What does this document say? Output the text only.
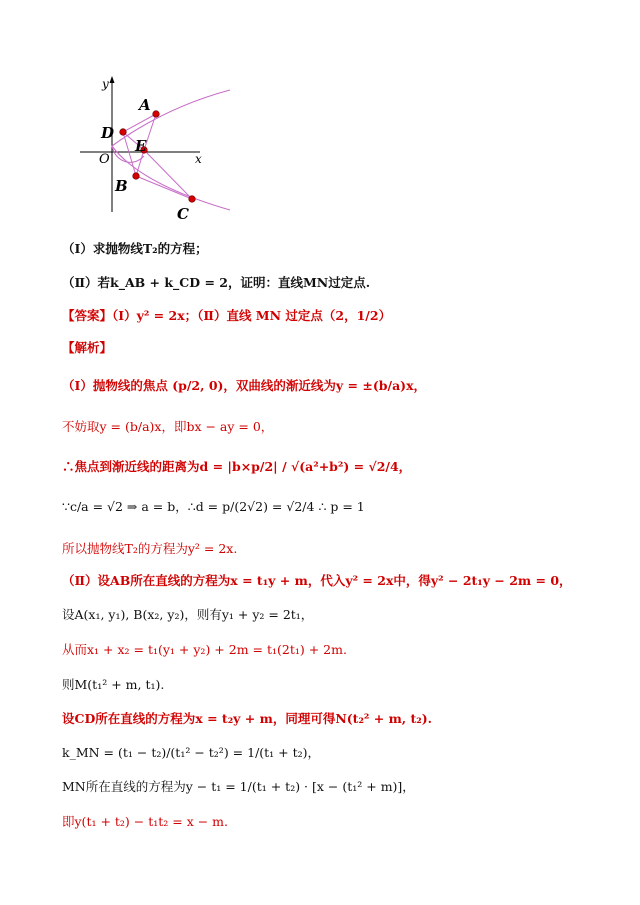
y
x
O
A
D
E
B
C
（Ⅰ）求抛物线T₂的方程；
（Ⅱ）若k_AB + k_CD = 2，证明：直线MN过定点.
【答案】（Ⅰ）y² = 2x；（Ⅱ）直线 MN 过定点（2，1/2）
【解析】
（Ⅰ）抛物线的焦点 (p/2, 0)，双曲线的渐近线为y = ±(b/a)x，
不妨取y = (b/a)x，即bx − ay = 0，
∴焦点到渐近线的距离为d = |b×p/2| / √(a²+b²) = √2/4，
∵c/a = √2 ⇒ a = b，∴d = p/(2√2) = √2/4 ∴ p = 1
所以抛物线T₂的方程为y² = 2x.
（Ⅱ）设AB所在直线的方程为x = t₁y + m，代入y² = 2x中，得y² − 2t₁y − 2m = 0，
设A(x₁, y₁), B(x₂, y₂)，则有y₁ + y₂ = 2t₁，
从而x₁ + x₂ = t₁(y₁ + y₂) + 2m = t₁(2t₁) + 2m.
则M(t₁² + m, t₁).
设CD所在直线的方程为x = t₂y + m，同理可得N(t₂² + m, t₂).
k_MN = (t₁ − t₂)/(t₁² − t₂²) = 1/(t₁ + t₂)，
MN所在直线的方程为y − t₁ = 1/(t₁ + t₂) · [x − (t₁² + m)]，
即y(t₁ + t₂) − t₁t₂ = x − m.
